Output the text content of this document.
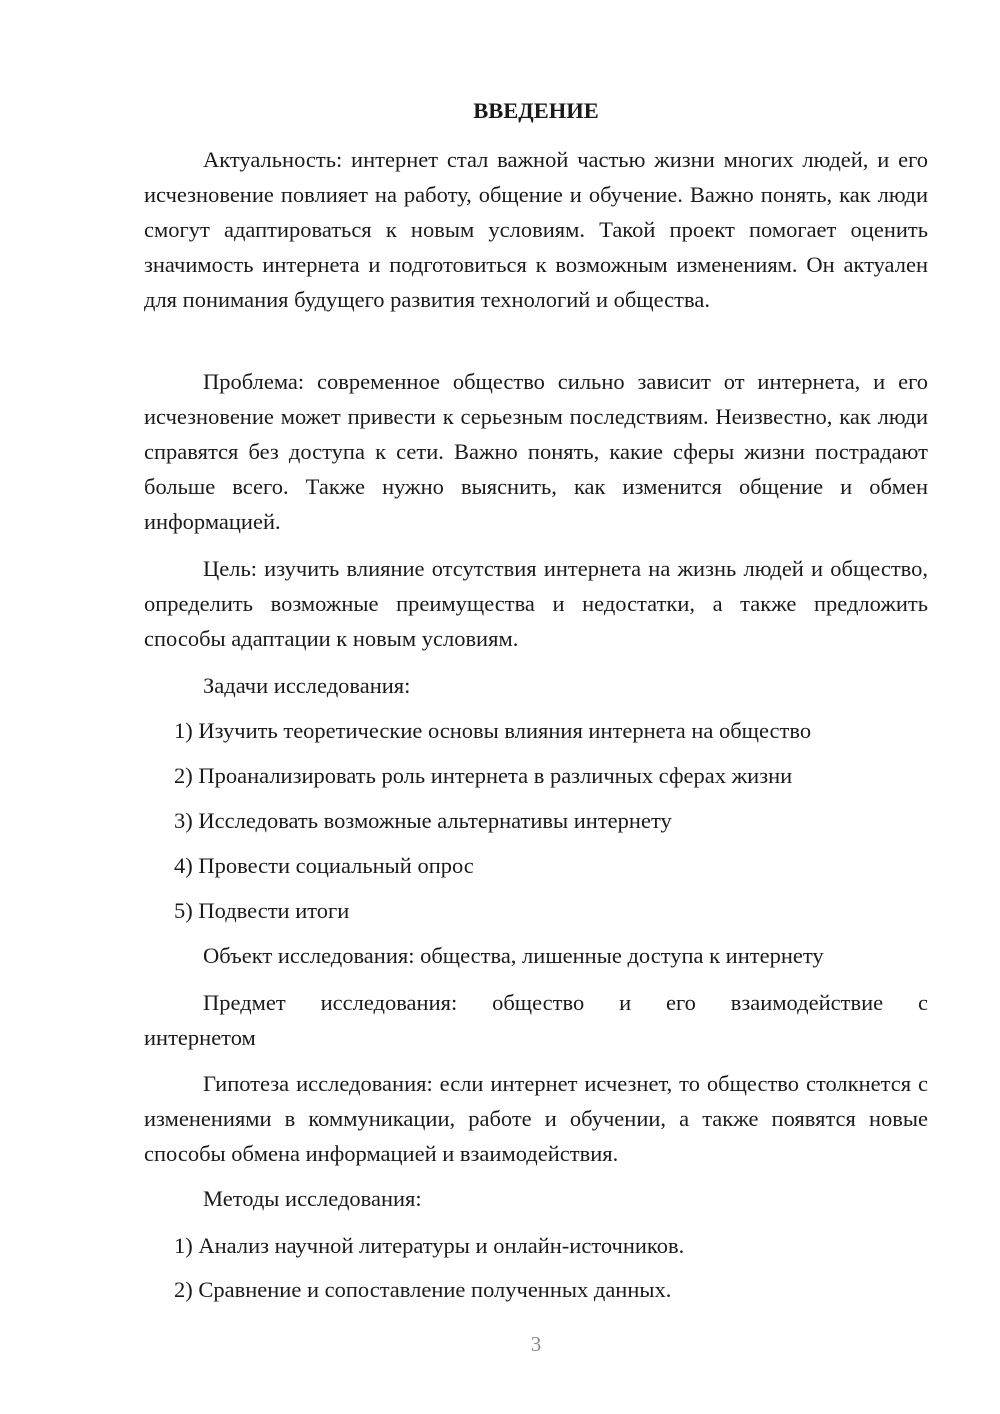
ВВЕДЕНИЕ

Актуальность: интернет стал важной частью жизни многих людей, и его исчезновение повлияет на работу, общение и обучение. Важно понять, как люди смогут адаптироваться к новым условиям. Такой проект помогает оценить значимость интернета и подготовиться к возможным изменениям. Он актуален для понимания будущего развития технологий и общества.

Проблема: современное общество сильно зависит от интернета, и его исчезновение может привести к серьезным последствиям. Неизвестно, как люди справятся без доступа к сети. Важно понять, какие сферы жизни пострадают больше всего. Также нужно выяснить, как изменится общение и обмен информацией.

Цель: изучить влияние отсутствия интернета на жизнь людей и общество, определить возможные преимущества и недостатки, а также предложить способы адаптации к новым условиям.

Задачи исследования:

1) Изучить теоретические основы влияния интернета на общество

2) Проанализировать роль интернета в различных сферах жизни

3) Исследовать возможные альтернативы интернету

4) Провести социальный опрос

5) Подвести итоги

Объект исследования: общества, лишенные доступа к интернету

Предмет исследования: общество и его взаимодействие с

интернетом

Гипотеза исследования: если интернет исчезнет, то общество столкнется с изменениями в коммуникации, работе и обучении, а также появятся новые способы обмена информацией и взаимодействия.

Методы исследования:

1) Анализ научной литературы и онлайн-источников.

2) Сравнение и сопоставление полученных данных.

3
